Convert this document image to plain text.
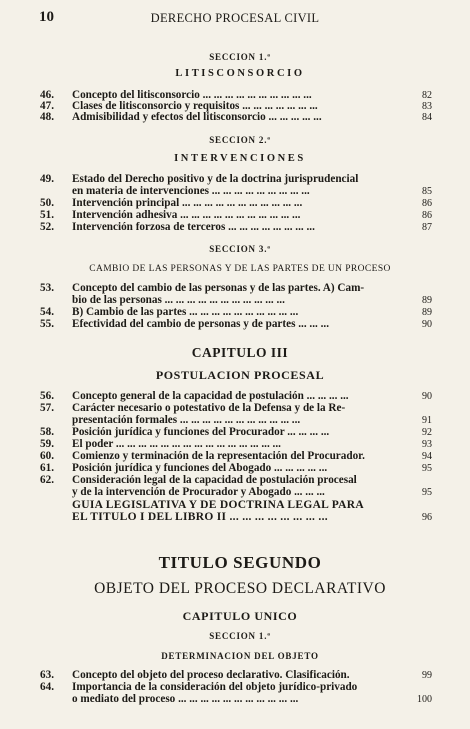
10	DERECHO PROCESAL CIVIL
SECCION 1.ª
LITISCONSORCIO
46. Concepto del litisconsorcio ... ... ... ... ... ... ... ... ... ...	82
47. Clases de litisconsorcio y requisitos ... ... ... ... ... ... ...	83
48. Admisibilidad y efectos del litisconsorcio ... ... ... ... ...	84
SECCION 2.ª
INTERVENCIONES
49. Estado del Derecho positivo y de la doctrina jurisprudencial
en materia de intervenciones ... ... ... ... ... ... ... ... ...	85
50. Intervención principal ... ... ... ... ... ... ... ... ... ... ...	86
51. Intervención adhesiva ... ... ... ... ... ... ... ... ... ... ...	86
52. Intervención forzosa de terceros ... ... ... ... ... ... ... ...	87
SECCION 3.ª
CAMBIO DE LAS PERSONAS Y DE LAS PARTES DE UN PROCESO
53. Concepto del cambio de las personas y de las partes. A) Cam-
bio de las personas ... ... ... ... ... ... ... ... ... ... ...	89
54. B) Cambio de las partes ... ... ... ... ... ... ... ... ... ...	89
55. Efectividad del cambio de personas y de partes ... ... ...	90
CAPITULO III
POSTULACION PROCESAL
56. Concepto general de la capacidad de postulación ... ... ... ...	90
57. Carácter necesario o potestativo de la Defensa y de la Re-
presentación formales ... ... ... ... ... ... ... ... ... ... ...	91
58. Posición jurídica y funciones del Procurador ... ... ... ...	92
59. El poder ... ... ... ... ... ... ... ... ... ... ... ... ... ... ...	93
60. Comienzo y terminación de la representación del Procurador.	94
61. Posición jurídica y funciones del Abogado ... ... ... ... ...	95
62. Consideración legal de la capacidad de postulación procesal
y de la intervención de Procurador y Abogado ... ... ...	95
GUIA LEGISLATIVA Y DE DOCTRINA LEGAL PARA
EL TITULO I DEL LIBRO II ... ... ... ... ... ... ... ...	96
TITULO SEGUNDO
OBJETO DEL PROCESO DECLARATIVO
CAPITULO UNICO
SECCION 1.ª
DETERMINACION DEL OBJETO
63. Concepto del objeto del proceso declarativo. Clasificación.	99
64. Importancia de la consideración del objeto jurídico-privado
o mediato del proceso ... ... ... ... ... ... ... ... ... ... ...	100
